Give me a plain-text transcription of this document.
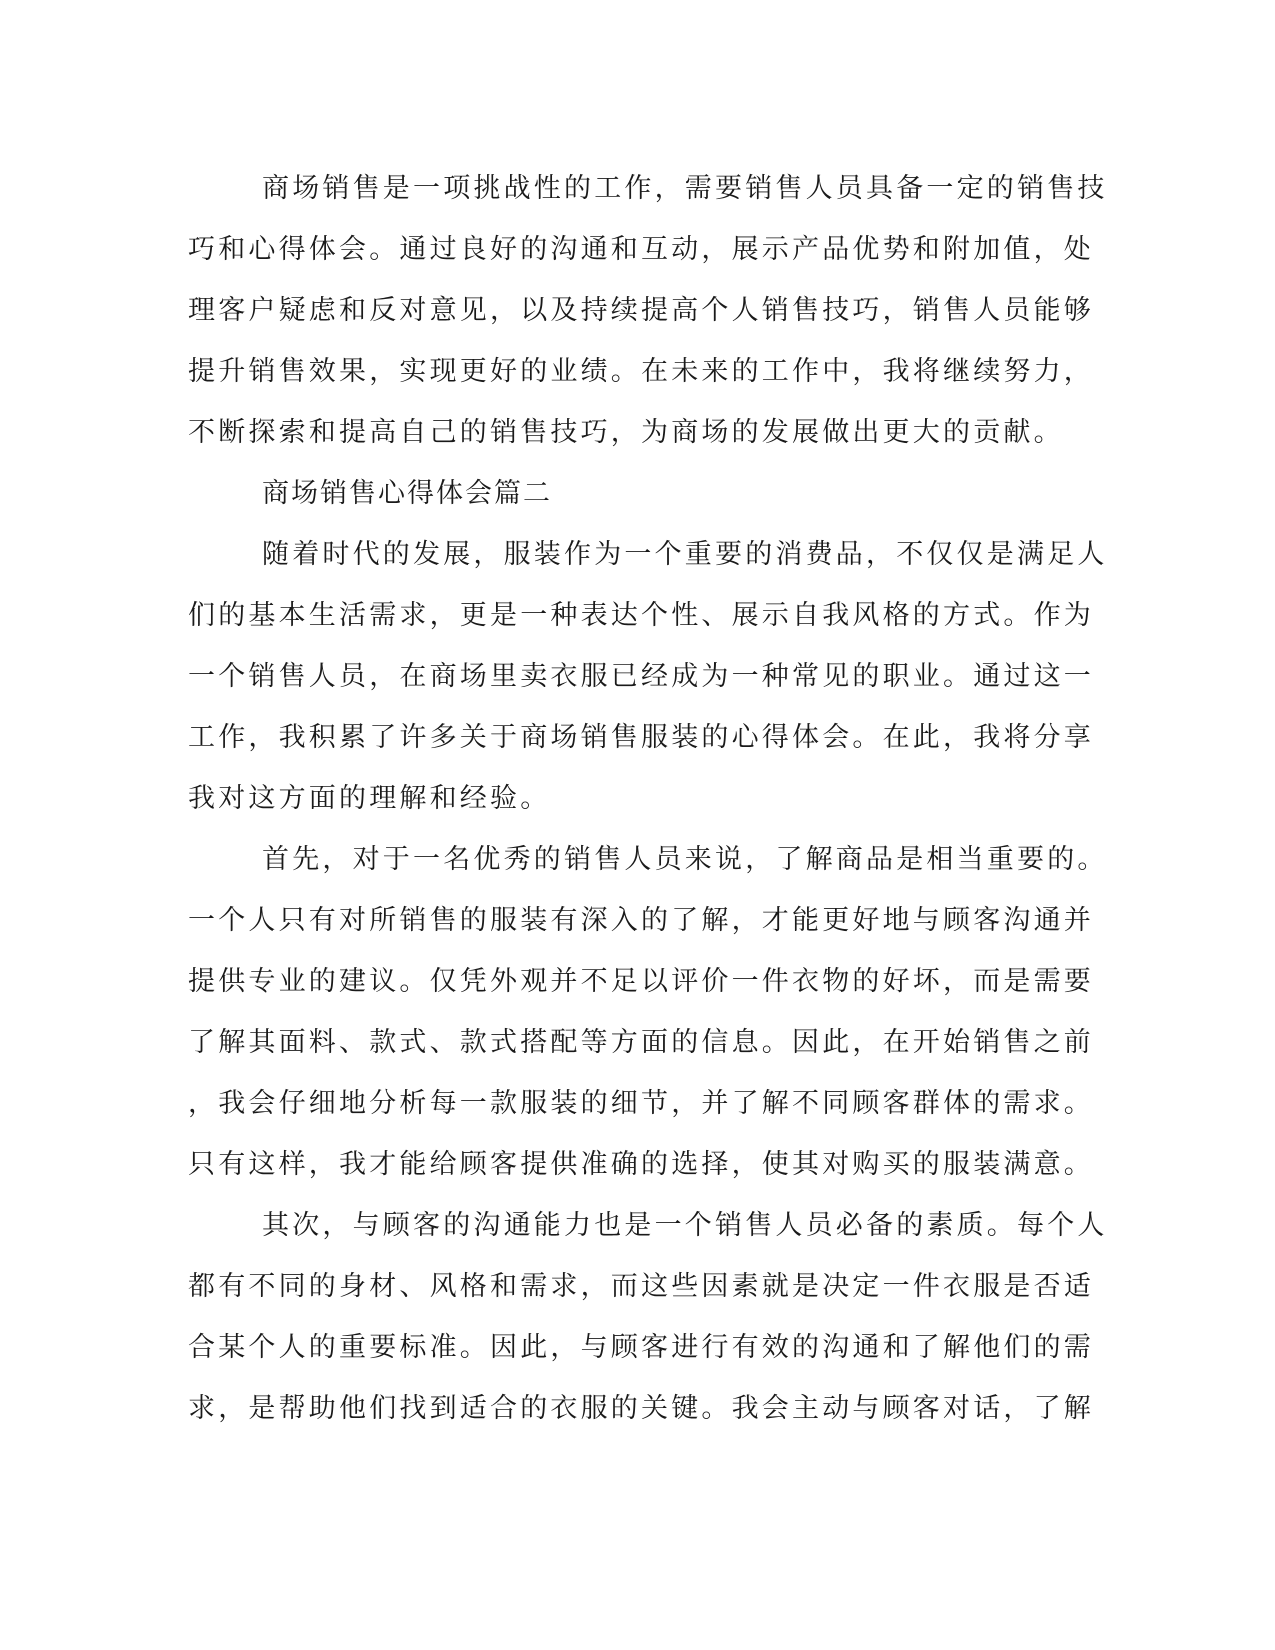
商场销售是一项挑战性的工作，需要销售人员具备一定的销售技
巧和心得体会。通过良好的沟通和互动，展示产品优势和附加值，处
理客户疑虑和反对意见，以及持续提高个人销售技巧，销售人员能够
提升销售效果，实现更好的业绩。在未来的工作中，我将继续努力，
不断探索和提高自己的销售技巧，为商场的发展做出更大的贡献。
商场销售心得体会篇二
随着时代的发展，服装作为一个重要的消费品，不仅仅是满足人
们的基本生活需求，更是一种表达个性、展示自我风格的方式。作为
一个销售人员，在商场里卖衣服已经成为一种常见的职业。通过这一
工作，我积累了许多关于商场销售服装的心得体会。在此，我将分享
我对这方面的理解和经验。
首先，对于一名优秀的销售人员来说，了解商品是相当重要的。
一个人只有对所销售的服装有深入的了解，才能更好地与顾客沟通并
提供专业的建议。仅凭外观并不足以评价一件衣物的好坏，而是需要
了解其面料、款式、款式搭配等方面的信息。因此，在开始销售之前
，我会仔细地分析每一款服装的细节，并了解不同顾客群体的需求。
只有这样，我才能给顾客提供准确的选择，使其对购买的服装满意。
其次，与顾客的沟通能力也是一个销售人员必备的素质。每个人
都有不同的身材、风格和需求，而这些因素就是决定一件衣服是否适
合某个人的重要标准。因此，与顾客进行有效的沟通和了解他们的需
求，是帮助他们找到适合的衣服的关键。我会主动与顾客对话，了解
